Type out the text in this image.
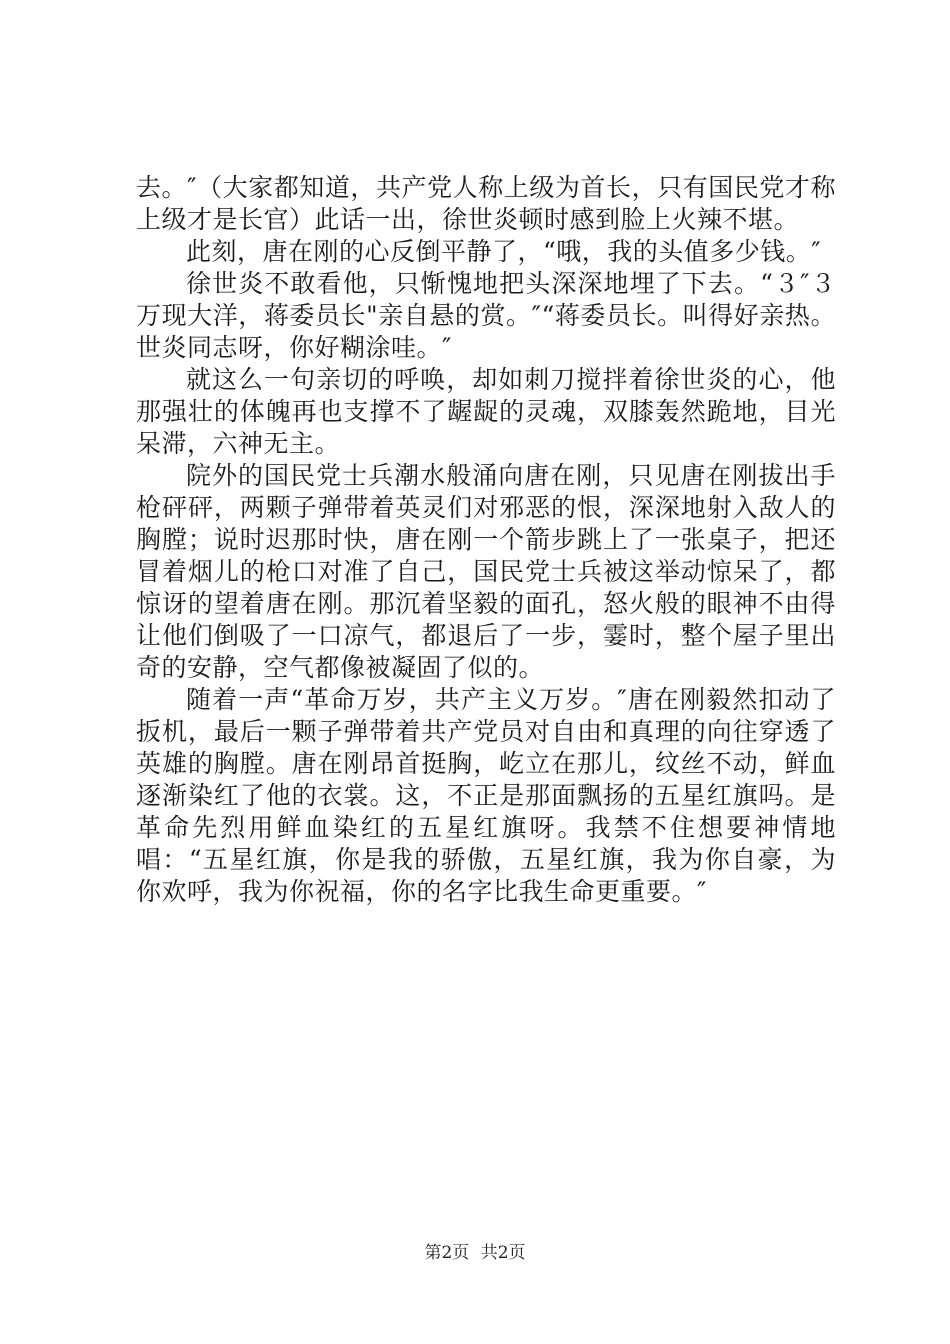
去。″（大家都知道，共产党人称上级为首长，只有国民党才称上级才是长官）此话一出，徐世炎顿时感到脸上火辣不堪。

此刻，唐在刚的心反倒平静了，“哦，我的头值多少钱。″

徐世炎不敢看他，只惭愧地把头深深地埋了下去。“３″３万现大洋，蒋委员长"亲自悬的赏。″“蒋委员长。叫得好亲热。世炎同志呀，你好糊涂哇。″

就这么一句亲切的呼唤，却如刺刀搅拌着徐世炎的心，他那强壮的体魄再也支撑不了龌龊的灵魂，双膝轰然跪地，目光呆滞，六神无主。

院外的国民党士兵潮水般涌向唐在刚，只见唐在刚拔出手枪砰砰，两颗子弹带着英灵们对邪恶的恨，深深地射入敌人的胸膛；说时迟那时快，唐在刚一个箭步跳上了一张桌子，把还冒着烟儿的枪口对准了自己，国民党士兵被这举动惊呆了，都惊讶的望着唐在刚。那沉着坚毅的面孔，怒火般的眼神不由得让他们倒吸了一口凉气，都退后了一步，霎时，整个屋子里出奇的安静，空气都像被凝固了似的。

随着一声“革命万岁，共产主义万岁。″唐在刚毅然扣动了扳机，最后一颗子弹带着共产党员对自由和真理的向往穿透了英雄的胸膛。唐在刚昂首挺胸，屹立在那儿，纹丝不动，鲜血逐渐染红了他的衣裳。这，不正是那面飘扬的五星红旗吗。是革命先烈用鲜血染红的五星红旗呀。我禁不住想要神情地唱：“五星红旗，你是我的骄傲，五星红旗，我为你自豪，为你欢呼，我为你祝福，你的名字比我生命更重要。″

第2页 共2页
